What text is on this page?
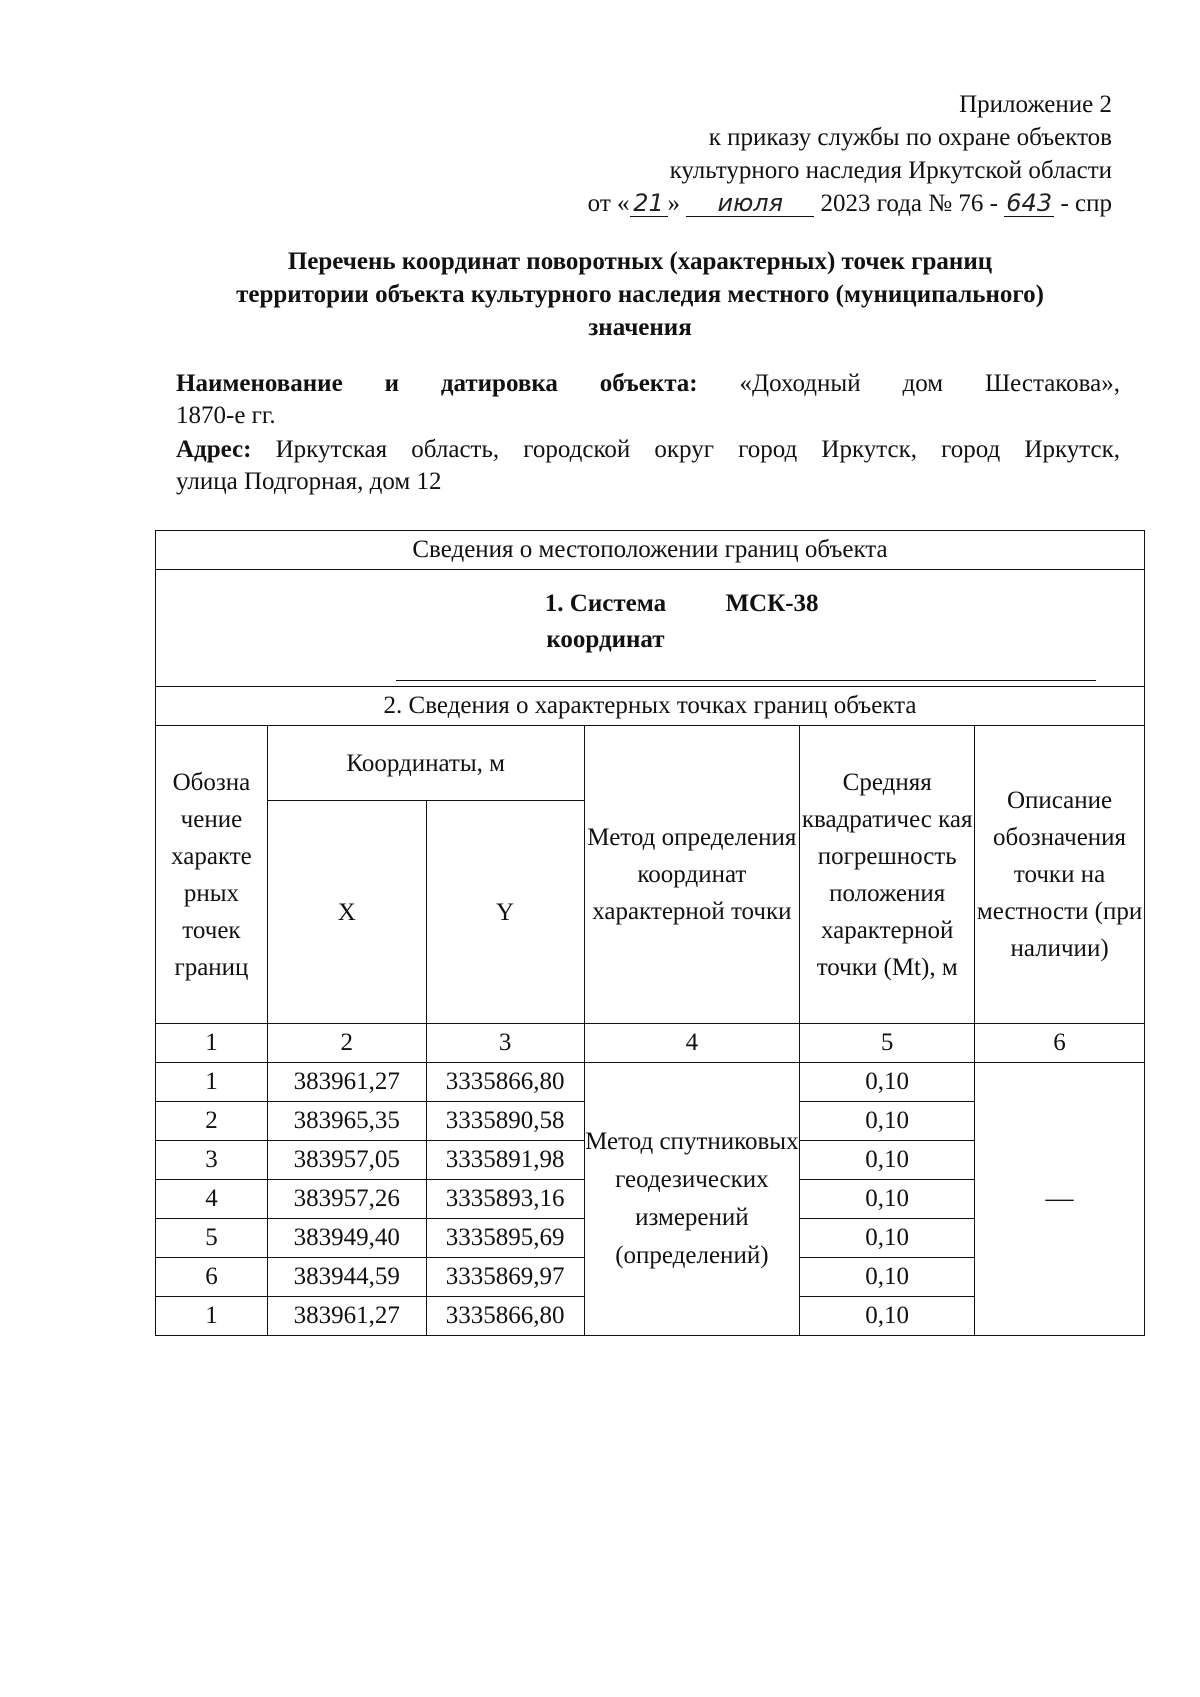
Приложение 2
к приказу службы по охране объектов
культурного наследия Иркутской области
от « 21 » июля 2023 года № 76 - 643 - спр
Перечень координат поворотных (характерных) точек границ
территории объекта культурного наследия местного (муниципального)
значения

Наименование и датировка объекта: «Доходный дом Шестакова»,
1870-е гг.

Адрес: Иркутская область, городской округ город Иркутск, город Иркутск,
улица Подгорная, дом 12

Сведения о местоположении границ объекта					
1. Система
координатМСК-38					

2. Сведения о характерных точках границ объекта					
Обозна чение характе рных точек границ	Координаты, м		Метод определения координат характерной точки	Средняя квадратичес кая погрешность положения характерной точки (Mt), м	Описание обозначения точки на местности (при наличии)
	X	Y			
1	2	3	4	5	6
1	383961,27	3335866,80	Метод спутниковых геодезических измерений (определений)	0,10	—
2	383965,35	3335890,58		0,10	
3	383957,05	3335891,98		0,10	
4	383957,26	3335893,16		0,10	
5	383949,40	3335895,69		0,10	
6	383944,59	3335869,97		0,10	
1	383961,27	3335866,80		0,10	
